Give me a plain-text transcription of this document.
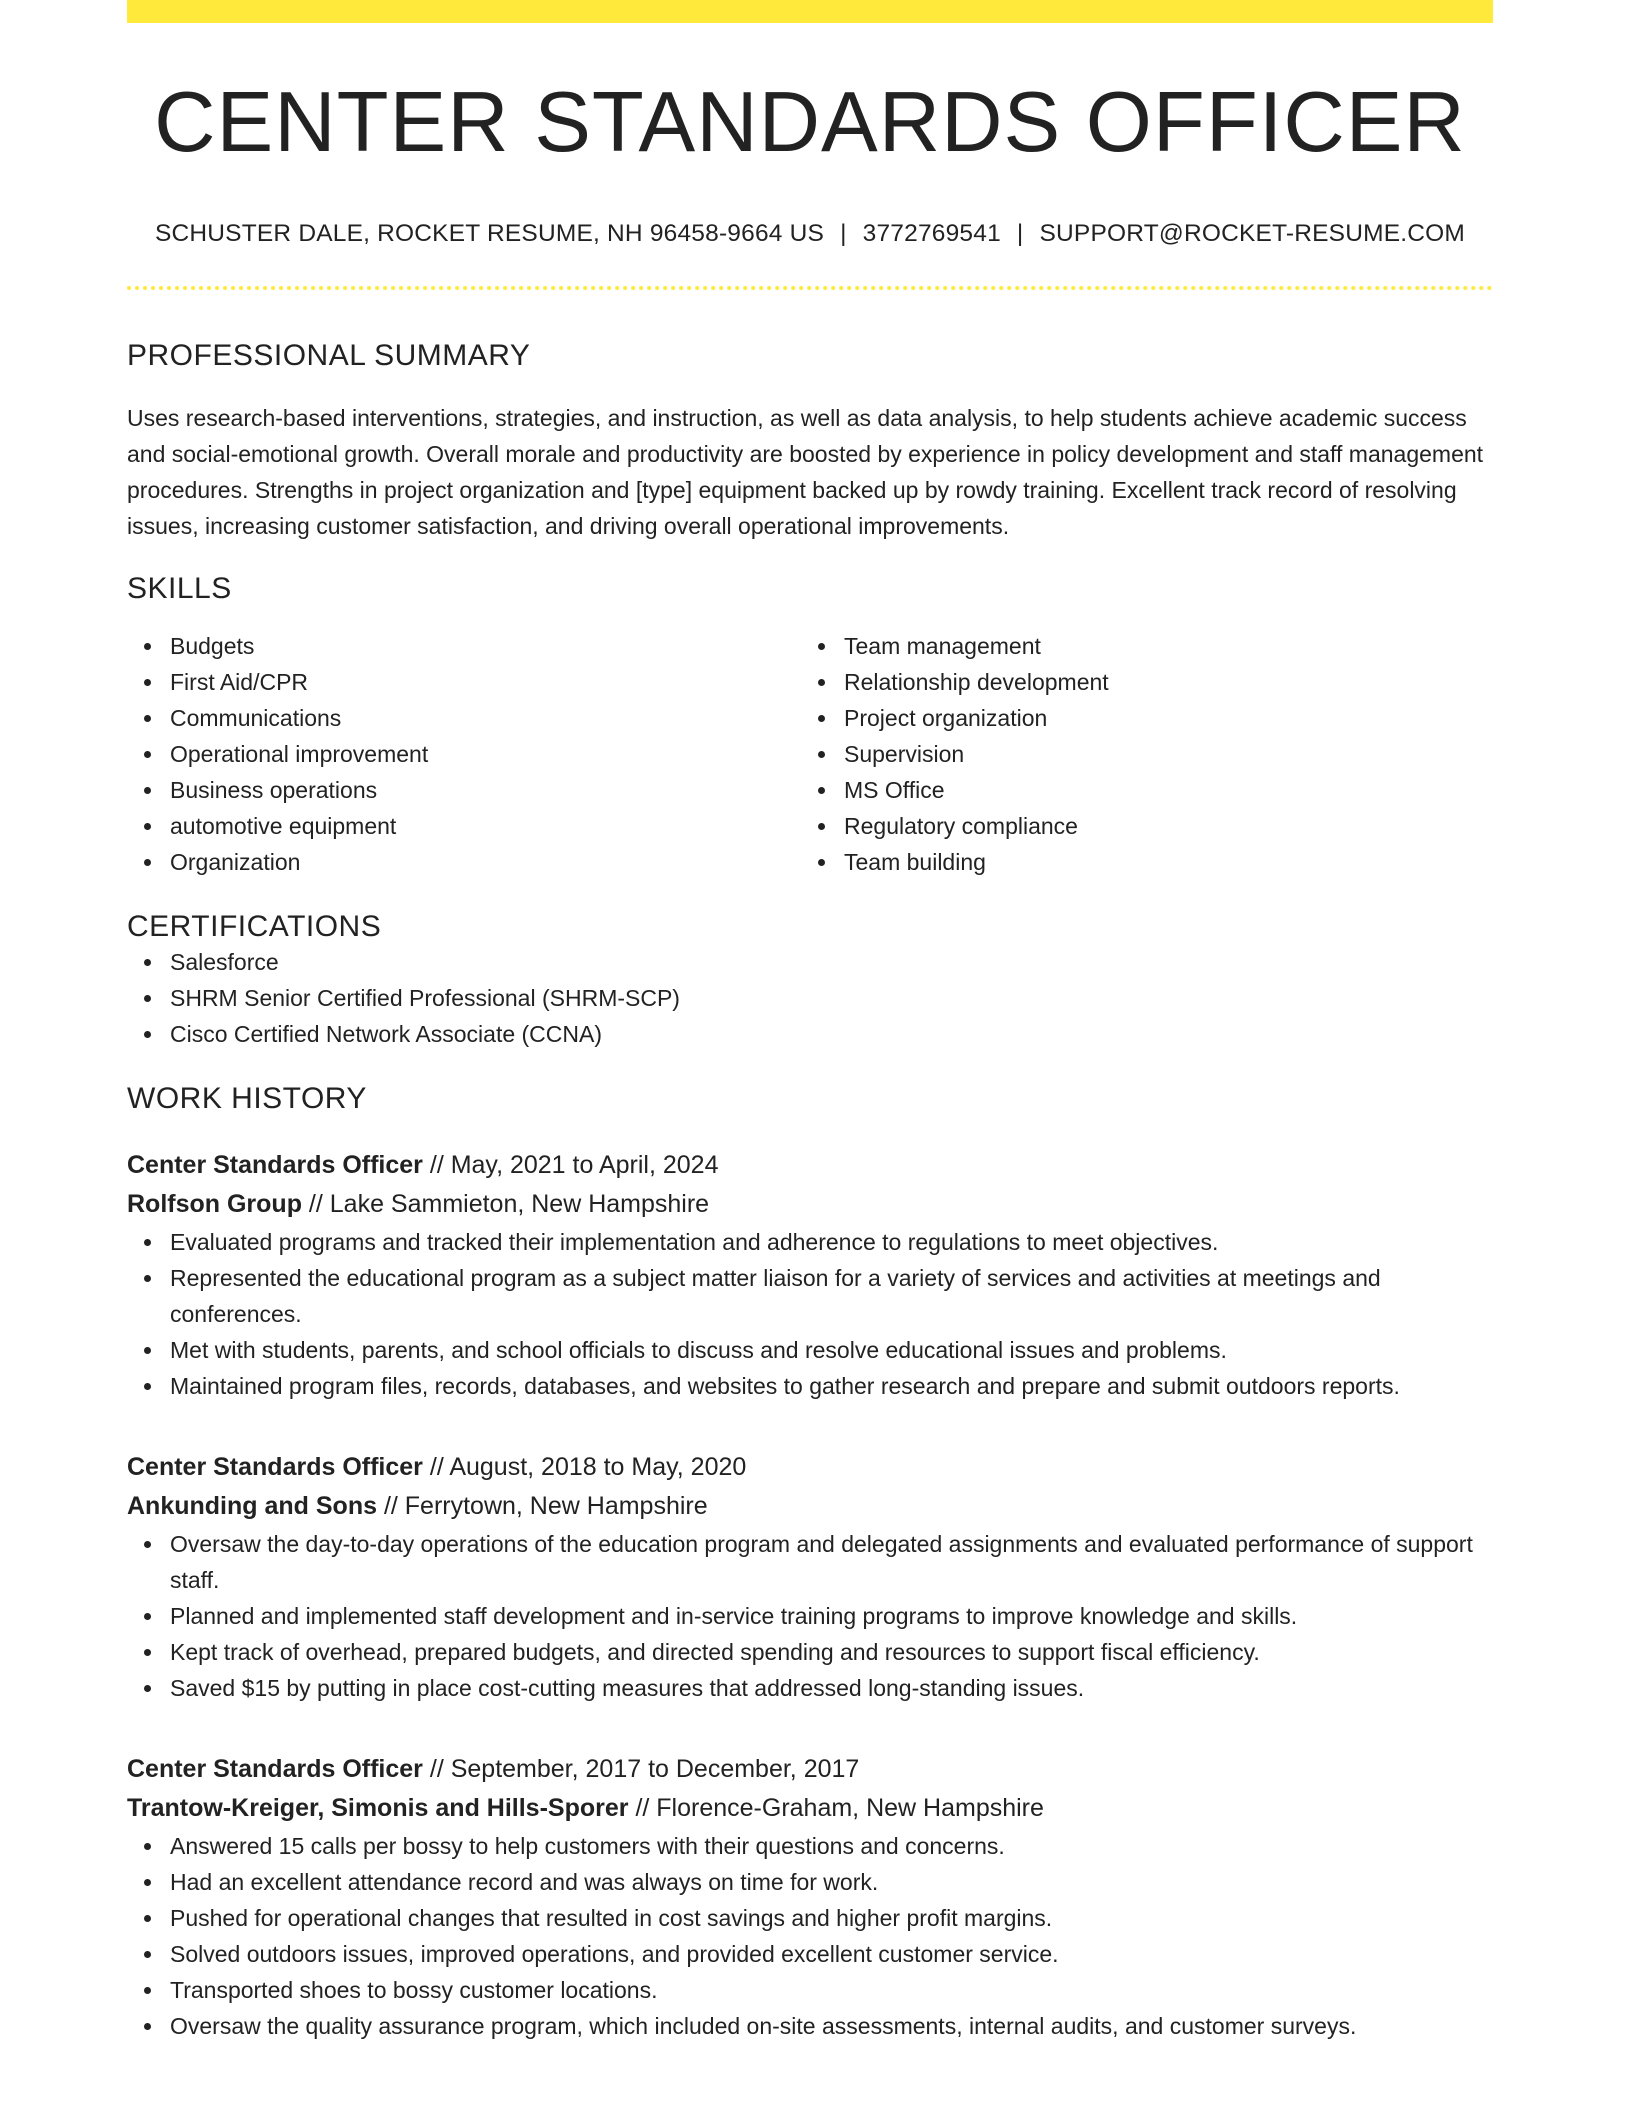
CENTER STANDARDS OFFICER
SCHUSTER DALE, ROCKET RESUME, NH 96458-9664 US | 3772769541 | SUPPORT@ROCKET-RESUME.COM
PROFESSIONAL SUMMARY
Uses research-based interventions, strategies, and instruction, as well as data analysis, to help students achieve academic success and social-emotional growth. Overall morale and productivity are boosted by experience in policy development and staff management procedures. Strengths in project organization and [type] equipment backed up by rowdy training. Excellent track record of resolving issues, increasing customer satisfaction, and driving overall operational improvements.
SKILLS
Budgets
First Aid/CPR
Communications
Operational improvement
Business operations
automotive equipment
Organization
Team management
Relationship development
Project organization
Supervision
MS Office
Regulatory compliance
Team building
CERTIFICATIONS
Salesforce
SHRM Senior Certified Professional (SHRM-SCP)
Cisco Certified Network Associate (CCNA)
WORK HISTORY
Center Standards Officer // May, 2021 to April, 2024
Rolfson Group // Lake Sammieton, New Hampshire
Evaluated programs and tracked their implementation and adherence to regulations to meet objectives.
Represented the educational program as a subject matter liaison for a variety of services and activities at meetings and conferences.
Met with students, parents, and school officials to discuss and resolve educational issues and problems.
Maintained program files, records, databases, and websites to gather research and prepare and submit outdoors reports.
Center Standards Officer // August, 2018 to May, 2020
Ankunding and Sons // Ferrytown, New Hampshire
Oversaw the day-to-day operations of the education program and delegated assignments and evaluated performance of support staff.
Planned and implemented staff development and in-service training programs to improve knowledge and skills.
Kept track of overhead, prepared budgets, and directed spending and resources to support fiscal efficiency.
Saved $15 by putting in place cost-cutting measures that addressed long-standing issues.
Center Standards Officer // September, 2017 to December, 2017
Trantow-Kreiger, Simonis and Hills-Sporer // Florence-Graham, New Hampshire
Answered 15 calls per bossy to help customers with their questions and concerns.
Had an excellent attendance record and was always on time for work.
Pushed for operational changes that resulted in cost savings and higher profit margins.
Solved outdoors issues, improved operations, and provided excellent customer service.
Transported shoes to bossy customer locations.
Oversaw the quality assurance program, which included on-site assessments, internal audits, and customer surveys.
